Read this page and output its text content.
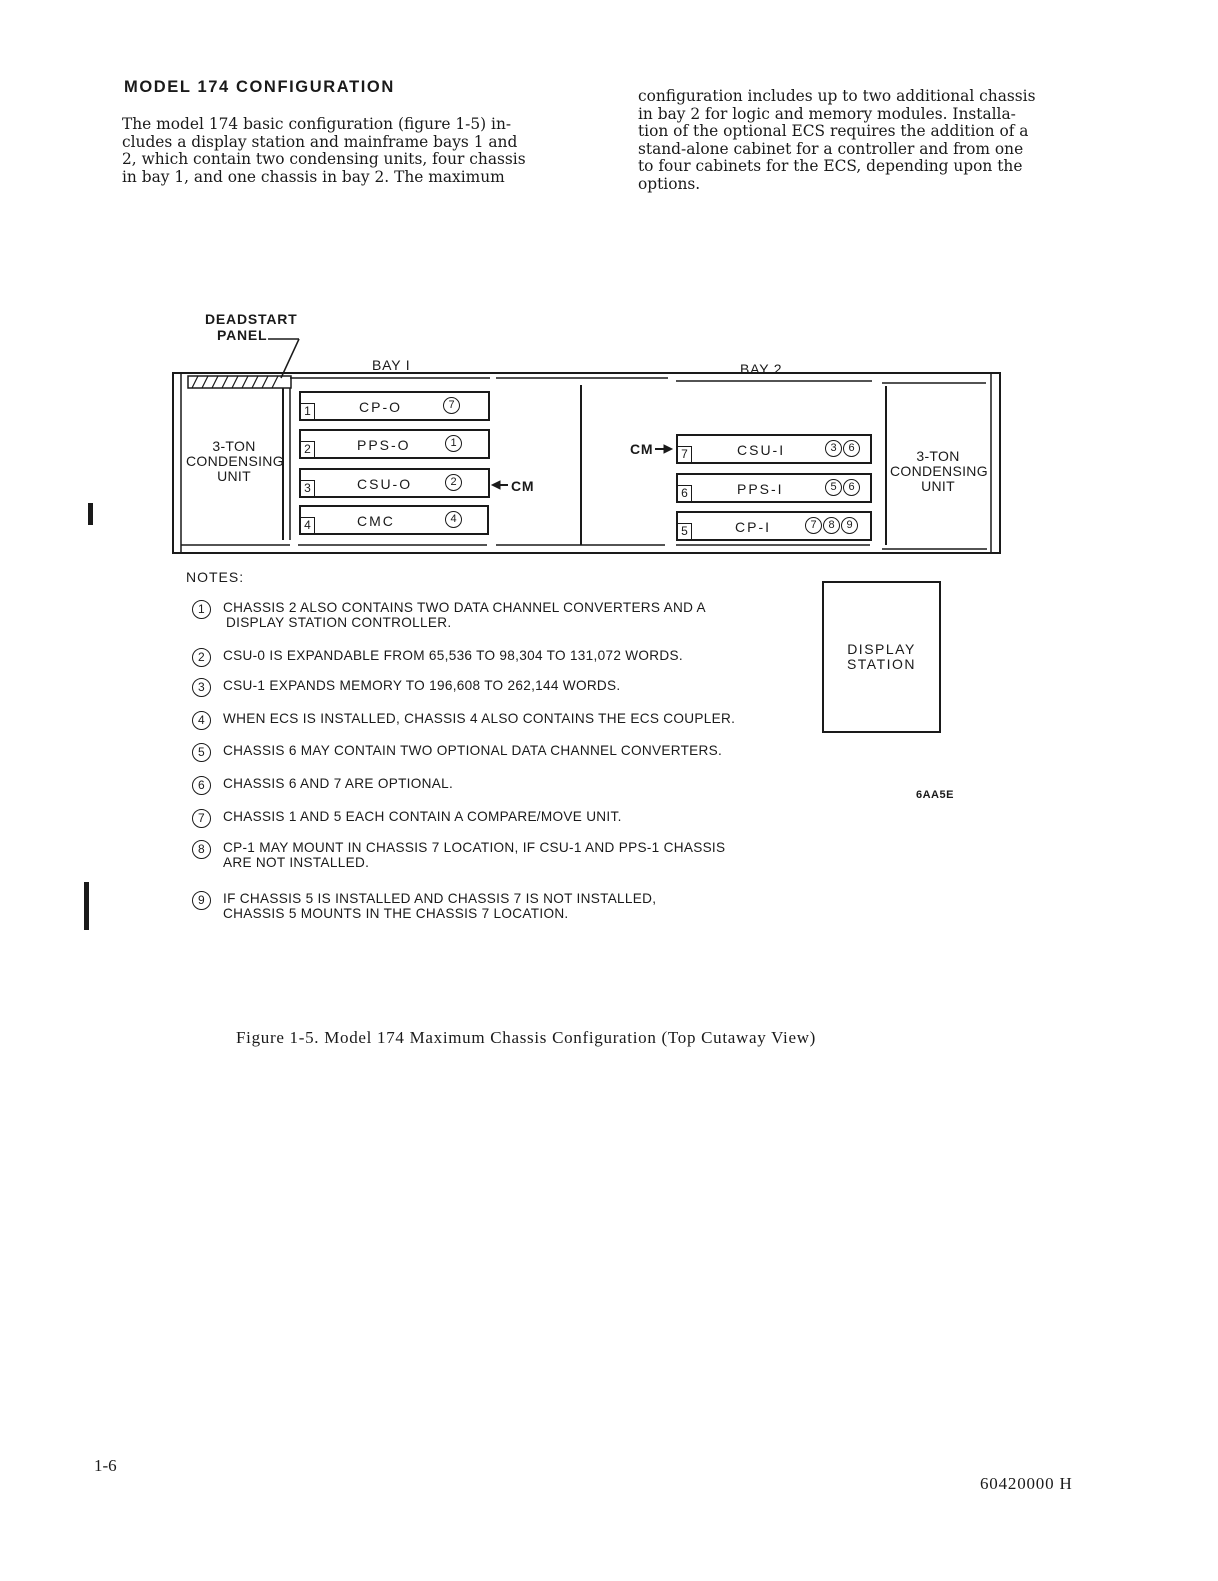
MODEL 174 CONFIGURATION
The model 174 basic configuration (figure 1-5) in-
cludes a display station and mainframe bays 1 and
2, which contain two condensing units, four chassis
in bay 1, and one chassis in bay 2. The maximum
configuration includes up to two additional chassis
in bay 2 for logic and memory modules. Installa-
tion of the optional ECS requires the addition of a
stand-alone cabinet for a controller and from one
to four cabinets for the ECS, depending upon the
options.
DEADSTART
PANEL
BAY I	BAY 2
3-TON
CONDENSING
UNIT
3-TON
CONDENSING
UNIT
CM
CM
1	CP-O	7
2	PPS-O	1
3	CSU-O	2
4	CMC	4
7	CSU-I	3	6
6	PPS-I	5	6
5	CP-I	7	8	9
NOTES:
1	CHASSIS 2 ALSO CONTAINS TWO DATA CHANNEL CONVERTERS AND A
DISPLAY STATION CONTROLLER.
2	CSU-0 IS EXPANDABLE FROM 65,536 TO 98,304 TO 131,072 WORDS.
3	CSU-1 EXPANDS MEMORY TO 196,608 TO 262,144 WORDS.
4	WHEN ECS IS INSTALLED, CHASSIS 4 ALSO CONTAINS THE ECS COUPLER.
5	CHASSIS 6 MAY CONTAIN TWO OPTIONAL DATA CHANNEL CONVERTERS.
6	CHASSIS 6 AND 7 ARE OPTIONAL.
7	CHASSIS 1 AND 5 EACH CONTAIN A COMPARE/MOVE UNIT.
8	CP-1 MAY MOUNT IN CHASSIS 7 LOCATION, IF CSU-1 AND PPS-1 CHASSIS
ARE NOT INSTALLED.
9	IF CHASSIS 5 IS INSTALLED AND CHASSIS 7 IS NOT INSTALLED,
CHASSIS 5 MOUNTS IN THE CHASSIS 7 LOCATION.
DISPLAY
STATION
6AA5E
Figure 1-5. Model 174 Maximum Chassis Configuration (Top Cutaway View)
1-6
60420000 H
